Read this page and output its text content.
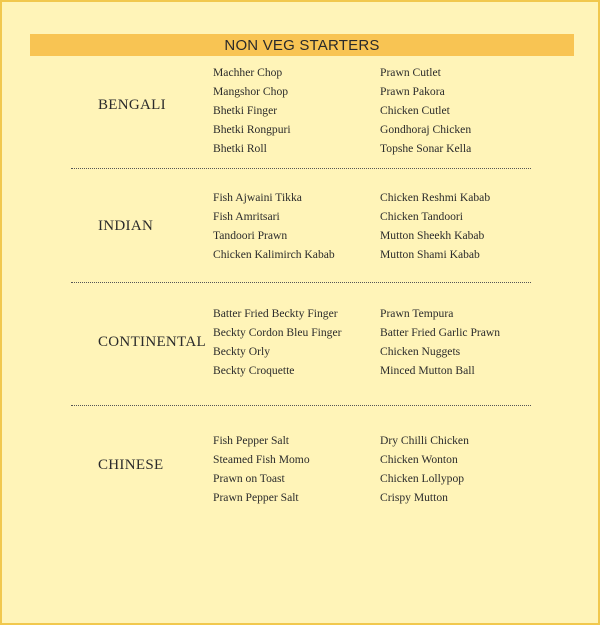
NON VEG STARTERS
BENGALI
Machher Chop
Mangshor Chop
Bhetki Finger
Bhetki Rongpuri
Bhetki Roll
Prawn Cutlet
Prawn Pakora
Chicken Cutlet
Gondhoraj Chicken
Topshe Sonar Kella
INDIAN
Fish Ajwaini Tikka
Fish Amritsari
Tandoori Prawn
Chicken Kalimirch Kabab
Chicken Reshmi Kabab
Chicken Tandoori
Mutton Sheekh Kabab
Mutton Shami Kabab
CONTINENTAL
Batter Fried Beckty Finger
Beckty Cordon Bleu Finger
Beckty Orly
Beckty Croquette
Prawn Tempura
Batter Fried Garlic Prawn
Chicken Nuggets
Minced Mutton Ball
CHINESE
Fish Pepper Salt
Steamed Fish Momo
Prawn on Toast
Prawn Pepper Salt
Dry Chilli Chicken
Chicken Wonton
Chicken Lollypop
Crispy Mutton
